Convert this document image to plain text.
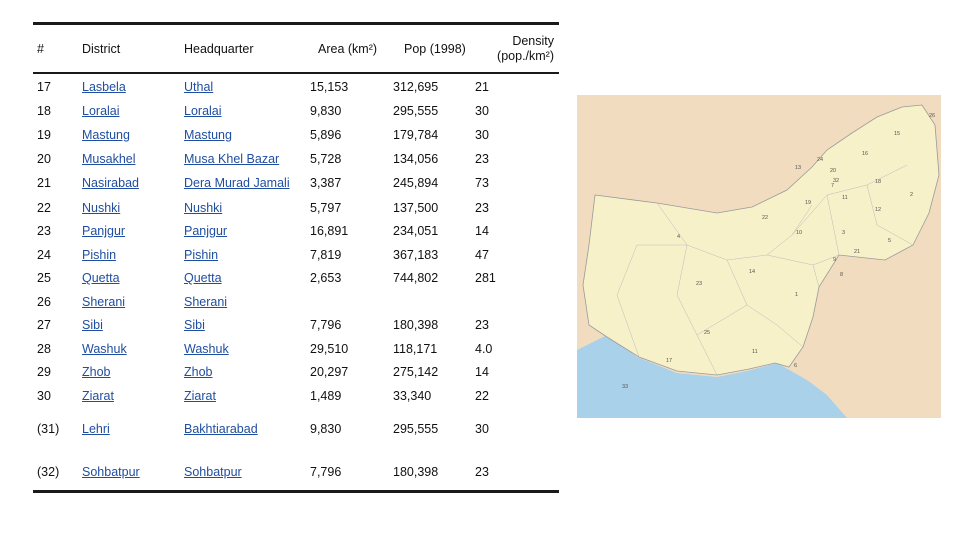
#	District	Headquarter	Area (km²) Pop (1998)
Density
(pop./km²)
17 Lasbela	Uthal	15,153	312,695	21
18 Loralai	Loralai	9,830	295,555	30
19 Mastung	Mastung	5,896	179,784	30
20 Musakhel	Musa Khel Bazar 5,728	134,056	23
21 Nasirabad	Dera Murad Jamali 3,387	245,894	73
22 Nushki	Nushki	5,797	137,500	23
23 Panjgur	Panjgur	16,891	234,051	14
24 Pishin	Pishin	7,819	367,183	47
25 Quetta	Quetta	2,653	744,802	281
26 Sherani	Sherani
27 Sibi	Sibi	7,796	180,398	23
28 Washuk	Washuk	29,510	118,171	4.0
29 Zhob	Zhob	20,297	275,142	14
30 Ziarat	Ziarat	1,489	33,340	22
(31) Lehri	Bakhtiarabad	9,830	295,555	30
(32) Sohbatpur	Sohbatpur	7,796	180,398	23
26
15
16
24
20
13
32
7
18
2
19
11
12
22
10	3
4
5
21
9
14	8
23
1
25
11
17
6
33
